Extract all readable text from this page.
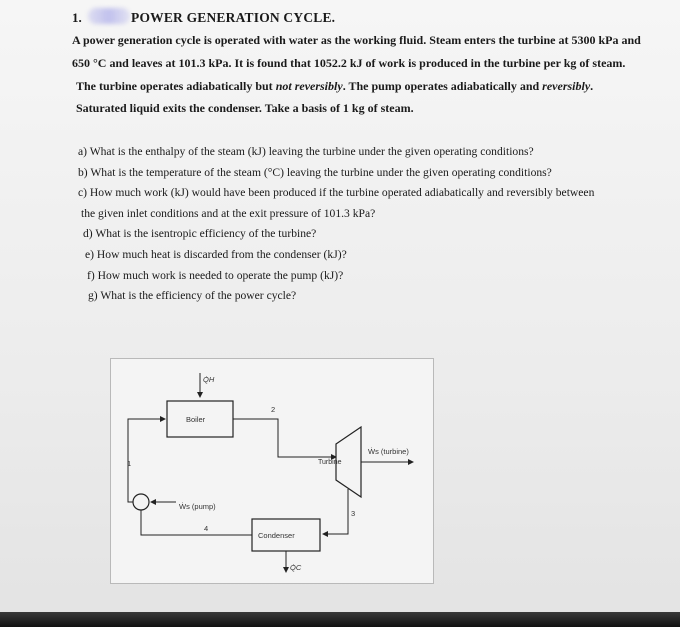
1.	POWER GENERATION CYCLE.

A power generation cycle is operated with water as the working fluid. Steam enters the turbine at 5300 kPa and

650 °C and leaves at 101.3 kPa. It is found that 1052.2 kJ of work is produced in the turbine per kg of steam.

The turbine operates adiabatically but not reversibly. The pump operates adiabatically and reversibly.

Saturated liquid exits the condenser. Take a basis of 1 kg of steam.

a) What is the enthalpy of the steam (kJ) leaving the turbine under the given operating conditions?

b) What is the temperature of the steam (°C) leaving the turbine under the given operating conditions?

c) How much work (kJ) would have been produced if the turbine operated adiabatically and reversibly between

the given inlet conditions and at the exit pressure of 101.3 kPa?

d) What is the isentropic efficiency of the turbine?

e) How much heat is discarded from the condenser (kJ)?

f) How much work is needed to operate the pump (kJ)?

g) What is the efficiency of the power cycle?

Q̇H
Boiler
2
Turbine
Ẇs (turbine)
1
3
Ẇs (pump)
4
Condenser
Q̇C
